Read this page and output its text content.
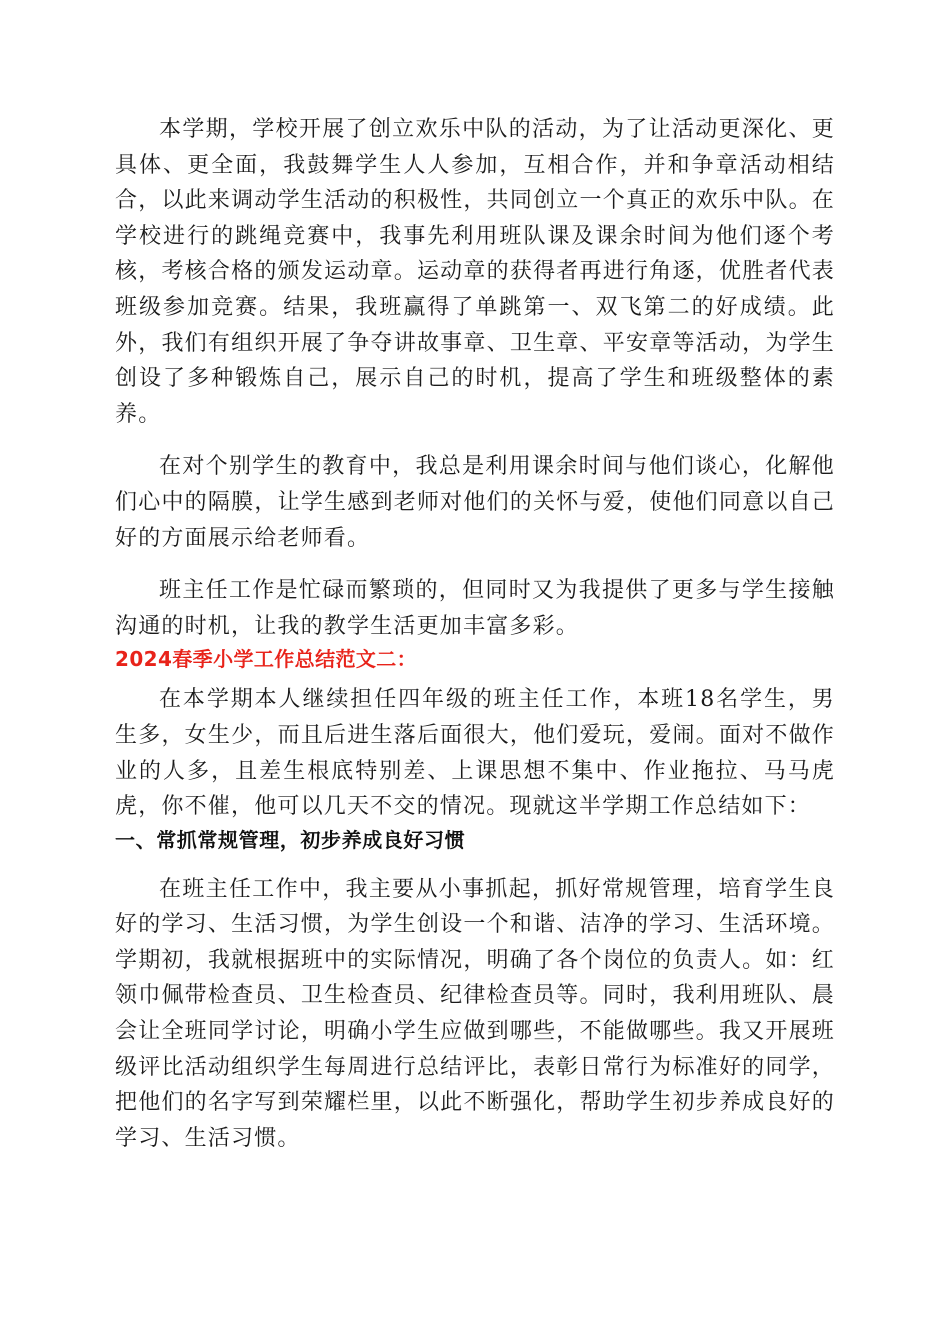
本学期，学校开展了创立欢乐中队的活动，为了让活动更深化、更具体、更全面，我鼓舞学生人人参加，互相合作，并和争章活动相结合，以此来调动学生活动的积极性，共同创立一个真正的欢乐中队。在学校进行的跳绳竞赛中，我事先利用班队课及课余时间为他们逐个考核，考核合格的颁发运动章。运动章的获得者再进行角逐，优胜者代表班级参加竞赛。结果，我班赢得了单跳第一、双飞第二的好成绩。此外，我们有组织开展了争夺讲故事章、卫生章、平安章等活动，为学生创设了多种锻炼自己，展示自己的时机，提高了学生和班级整体的素养。

在对个别学生的教育中，我总是利用课余时间与他们谈心，化解他们心中的隔膜，让学生感到老师对他们的关怀与爱，使他们同意以自己好的方面展示给老师看。

班主任工作是忙碌而繁琐的，但同时又为我提供了更多与学生接触沟通的时机，让我的教学生活更加丰富多彩。

2024春季小学工作总结范文二：

在本学期本人继续担任四年级的班主任工作，本班18名学生，男生多，女生少，而且后进生落后面很大，他们爱玩，爱闹。面对不做作业的人多，且差生根底特别差、上课思想不集中、作业拖拉、马马虎虎，你不催，他可以几天不交的情况。现就这半学期工作总结如下：

一、常抓常规管理，初步养成良好习惯

在班主任工作中，我主要从小事抓起，抓好常规管理，培育学生良好的学习、生活习惯，为学生创设一个和谐、洁净的学习、生活环境。学期初，我就根据班中的实际情况，明确了各个岗位的负责人。如：红领巾佩带检查员、卫生检查员、纪律检查员等。同时，我利用班队、晨会让全班同学讨论，明确小学生应做到哪些，不能做哪些。我又开展班级评比活动组织学生每周进行总结评比，表彰日常行为标准好的同学，把他们的名字写到荣耀栏里，以此不断强化，帮助学生初步养成良好的学习、生活习惯。
